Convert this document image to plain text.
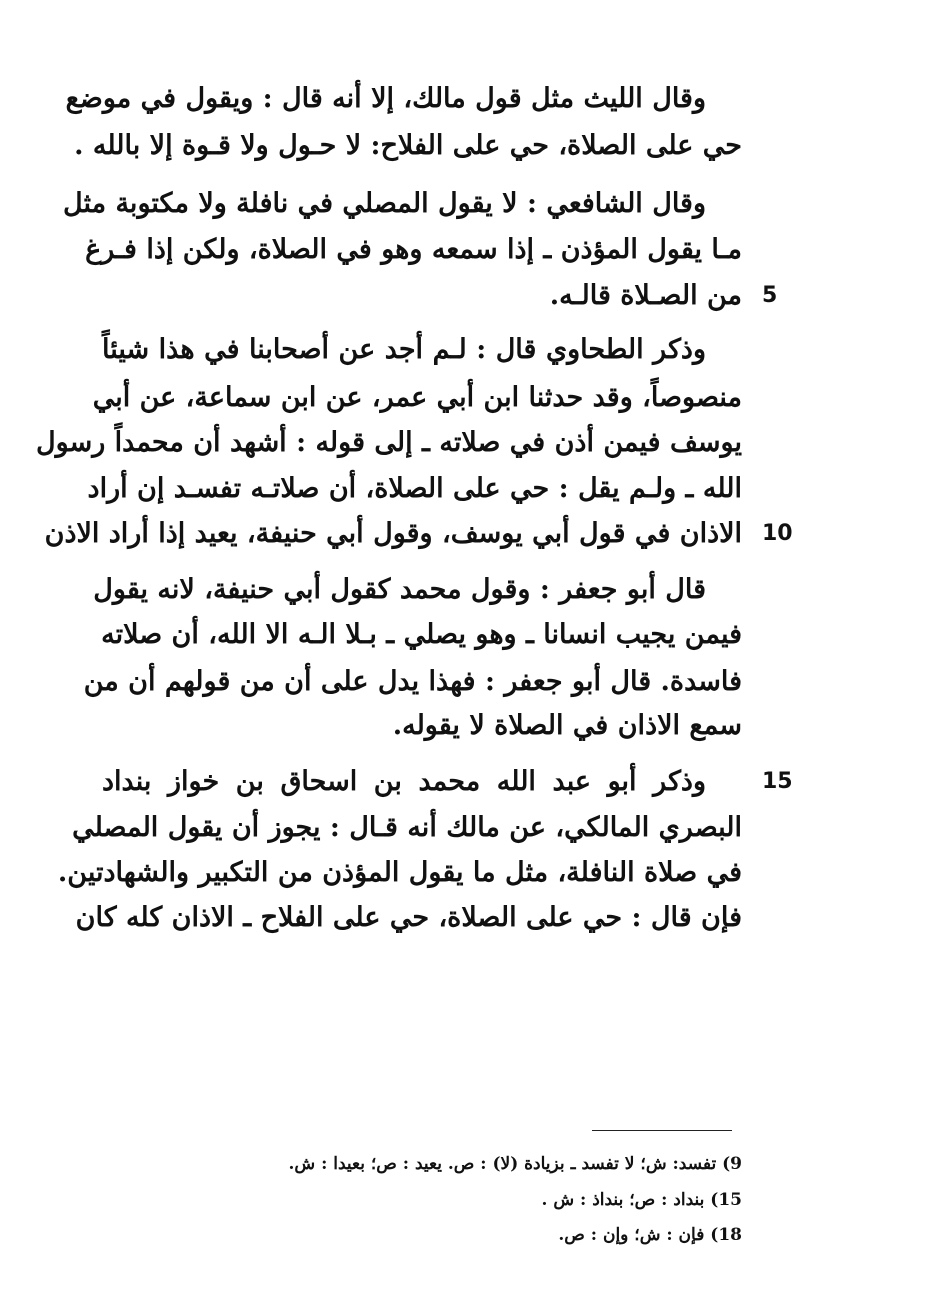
وقال الليث مثل قول مالك، إلا أنه قال : ويقول في موضع
حي على الصلاة، حي على الفلاح: لا حـول ولا قـوة إلا بالله .
وقال الشافعي : لا يقول المصلي في نافلة ولا مكتوبة مثل
مـا يقول المؤذن ـ إذا سمعه وهو في الصلاة، ولكن إذا فـرغ
من الصـلاة قالـه. 5
وذكر الطحاوي قال : لـم أجد عن أصحابنا في هذا شيئاً
منصوصاً، وقد حدثنا ابن أبي عمر، عن ابن سماعة، عن أبي
يوسف فيمن أذن في صلاته ـ إلى قوله : أشهد أن محمداً رسول
الله ـ ولـم يقل : حي على الصلاة، أن صلاتـه تفسـد إن أراد
الاذان في قول أبي يوسف، وقول أبي حنيفة، يعيد إذا أراد الاذن 10
قال أبو جعفر : وقول محمد كقول أبي حنيفة، لانه يقول
فيمن يجيب انسانا ـ وهو يصلي ـ بـلا الـه الا الله، أن صلاته
فاسدة. قال أبو جعفر : فهذا يدل على أن من قولهم أن من
سمع الاذان في الصلاة لا يقوله.
وذكر أبو عبد الله محمد بن اسحاق بن خواز بنداد	15
البصري المالكي، عن مالك أنه قـال : يجوز أن يقول المصلي
في صلاة النافلة، مثل ما يقول المؤذن من التكبير والشهادتين.
فإن قال : حي على الصلاة، حي على الفلاح ـ الاذان كله كان
9) تفسد: ش؛ لا تفسد ـ بزيادة (لا) : ص. يعيد : ص؛ بعيدا : ش.
15) بنداد : ص؛ بنداذ : ش .
18) فإن : ش؛ وإن : ص.
